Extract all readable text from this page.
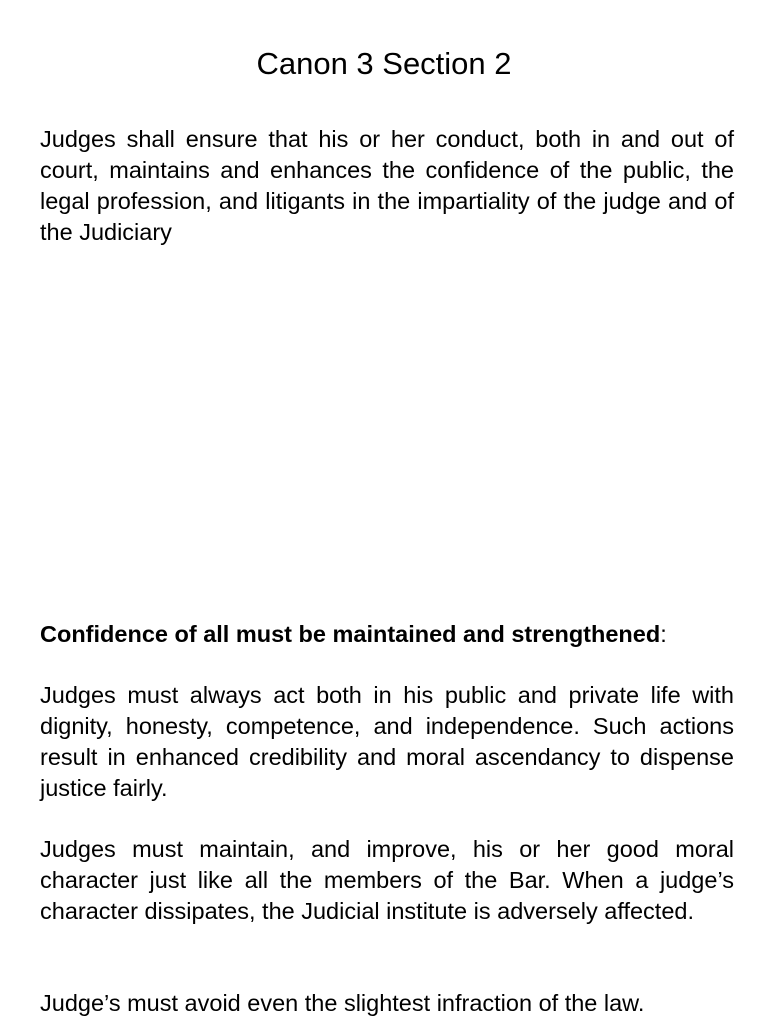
Canon 3 Section 2

Judges shall ensure that his or her conduct, both in and out of court, maintains and enhances the confidence of the public, the legal profession, and litigants in the impartiality of the judge and of the Judiciary

Confidence of all must be maintained and strengthened:

Judges must always act both in his public and private life with dignity, honesty, competence, and independence. Such actions result in enhanced credibility and moral ascendancy to dispense justice fairly.

Judges must maintain, and improve, his or her good moral character just like all the members of the Bar. When a judge’s character dissipates, the Judicial institute is adversely affected.

Judge’s must avoid even the slightest infraction of the law.
